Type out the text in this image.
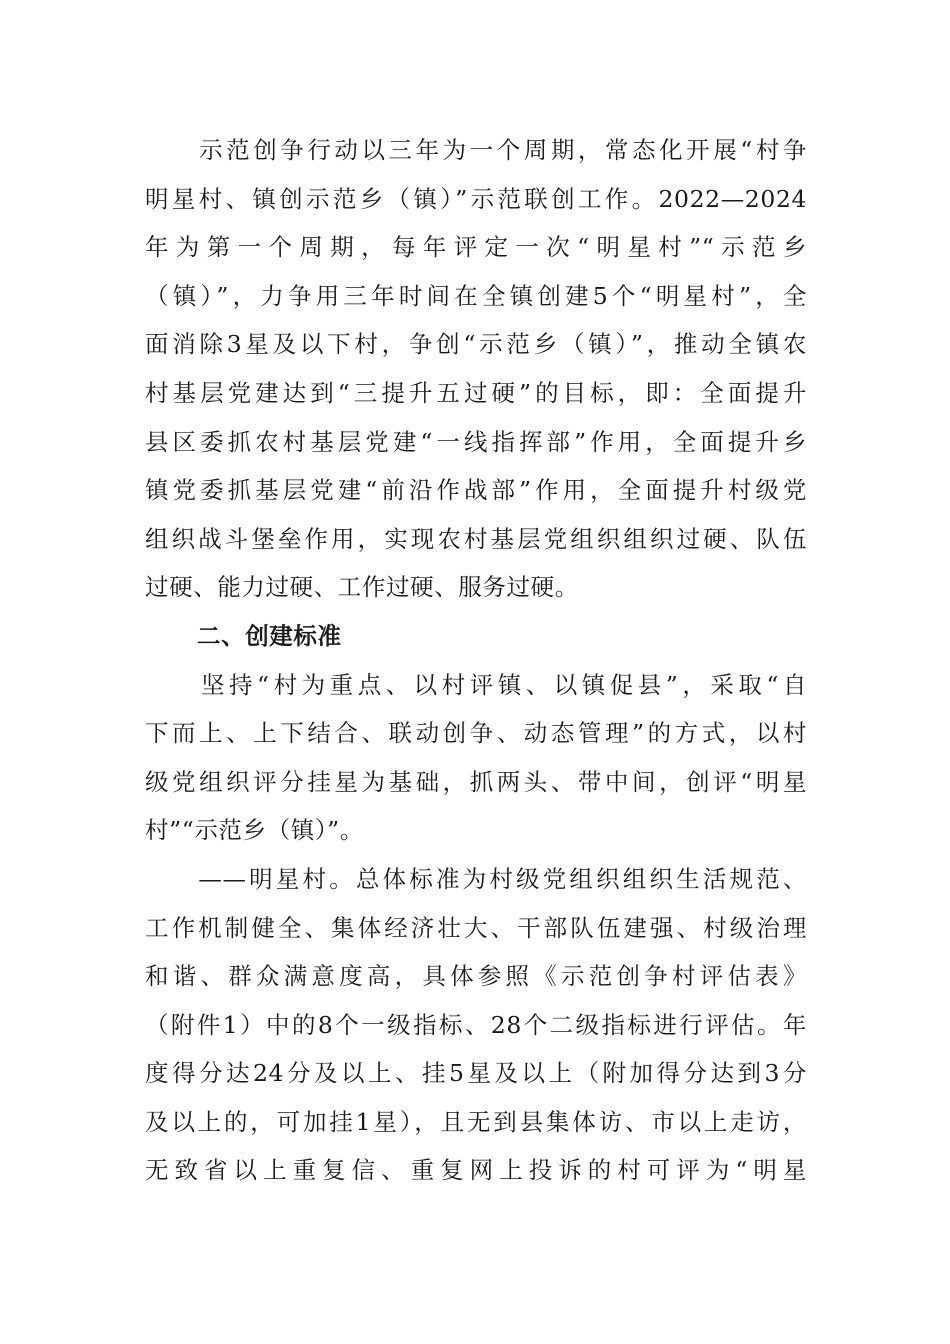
　　示范创争行动以三年为一个周期，常态化开展“村争
明星村、镇创示范乡（镇）”示范联创工作。2022—2024
年为第一个周期，每年评定一次“明星村”“示范乡
（镇）”，力争用三年时间在全镇创建5个“明星村”，全
面消除3星及以下村，争创“示范乡（镇）”，推动全镇农
村基层党建达到“三提升五过硬”的目标，即：全面提升
县区委抓农村基层党建“一线指挥部”作用，全面提升乡
镇党委抓基层党建“前沿作战部”作用，全面提升村级党
组织战斗堡垒作用，实现农村基层党组织组织过硬、队伍
过硬、能力过硬、工作过硬、服务过硬。
二、创建标准
　　坚持“村为重点、以村评镇、以镇促县”，采取“自
下而上、上下结合、联动创争、动态管理”的方式，以村
级党组织评分挂星为基础，抓两头、带中间，创评“明星
村”“示范乡（镇）”。
　　——明星村。总体标准为村级党组织组织生活规范、
工作机制健全、集体经济壮大、干部队伍建强、村级治理
和谐、群众满意度高，具体参照《示范创争村评估表》
（附件1）中的8个一级指标、28个二级指标进行评估。年
度得分达24分及以上、挂5星及以上（附加得分达到3分
及以上的，可加挂1星），且无到县集体访、市以上走访，
无致省以上重复信、重复网上投诉的村可评为“明星
